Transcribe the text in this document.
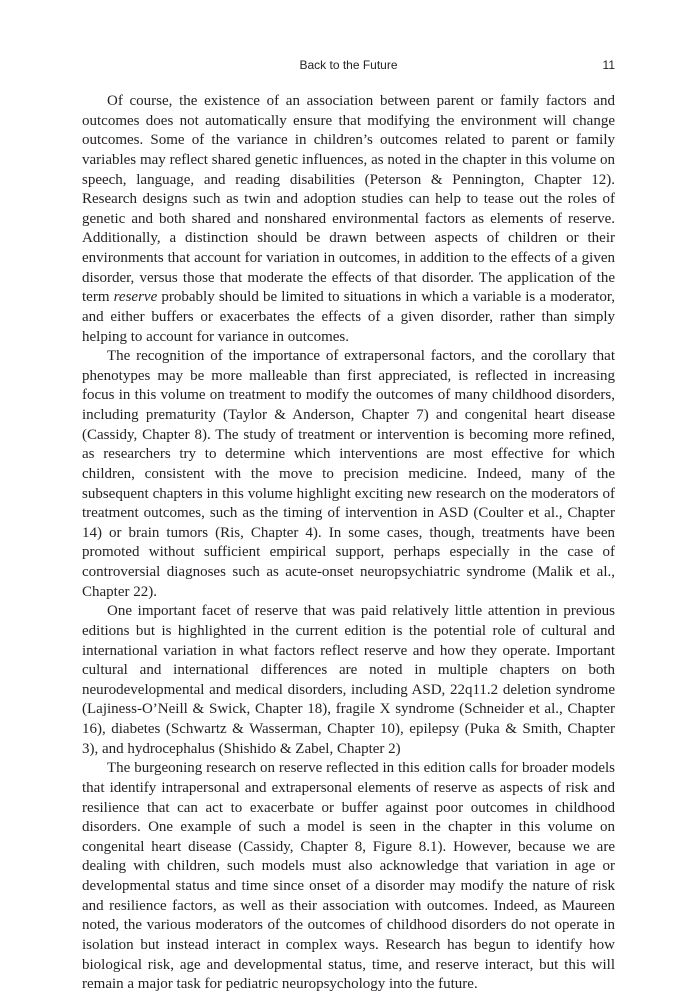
Back to the Future	11

Of course, the existence of an association between parent or family factors and outcomes does not automatically ensure that modifying the environment will change outcomes. Some of the variance in children’s outcomes related to parent or family variables may reflect shared genetic influences, as noted in the chapter in this volume on speech, language, and reading disabilities (Peterson & Pennington, Chapter 12). Research designs such as twin and adoption studies can help to tease out the roles of genetic and both shared and nonshared environmental factors as elements of reserve. Additionally, a distinction should be drawn between aspects of children or their environments that account for variation in outcomes, in addition to the effects of a given disorder, versus those that moderate the effects of that disorder. The application of the term reserve probably should be limited to situations in which a variable is a moderator, and either buffers or exacerbates the effects of a given disorder, rather than simply helping to account for variance in outcomes.

The recognition of the importance of extrapersonal factors, and the corollary that phenotypes may be more malleable than first appreciated, is reflected in increasing focus in this volume on treatment to modify the outcomes of many childhood disorders, including prematurity (Taylor & Anderson, Chapter 7) and congenital heart disease (Cassidy, Chapter 8). The study of treatment or intervention is becoming more refined, as researchers try to determine which interventions are most effective for which children, consistent with the move to precision medicine. Indeed, many of the subsequent chapters in this volume highlight exciting new research on the moderators of treatment outcomes, such as the timing of intervention in ASD (Coulter et al., Chapter 14) or brain tumors (Ris, Chapter 4). In some cases, though, treatments have been promoted without sufficient empirical support, perhaps especially in the case of controversial diagnoses such as acute-onset neuropsychiatric syndrome (Malik et al., Chapter 22).

One important facet of reserve that was paid relatively little attention in previous editions but is highlighted in the current edition is the potential role of cultural and international variation in what factors reflect reserve and how they operate. Important cultural and international differences are noted in multiple chapters on both neurodevelopmental and medical disorders, including ASD, 22q11.2 deletion syndrome (Lajiness-O’Neill & Swick, Chapter 18), fragile X syndrome (Schneider et al., Chapter 16), diabetes (Schwartz & Wasserman, Chapter 10), epilepsy (Puka & Smith, Chapter 3), and hydrocephalus (Shishido & Zabel, Chapter 2)

The burgeoning research on reserve reflected in this edition calls for broader models that identify intrapersonal and extrapersonal elements of reserve as aspects of risk and resilience that can act to exacerbate or buffer against poor outcomes in childhood disorders. One example of such a model is seen in the chapter in this volume on congenital heart disease (Cassidy, Chapter 8, Figure 8.1). However, because we are dealing with children, such models must also acknowledge that variation in age or developmental status and time since onset of a disorder may modify the nature of risk and resilience factors, as well as their association with outcomes. Indeed, as Maureen noted, the various moderators of the outcomes of childhood disorders do not operate in isolation but instead interact in complex ways. Research has begun to identify how biological risk, age and developmental status, time, and reserve interact, but this will remain a major task for pediatric neuropsychology into the future.
